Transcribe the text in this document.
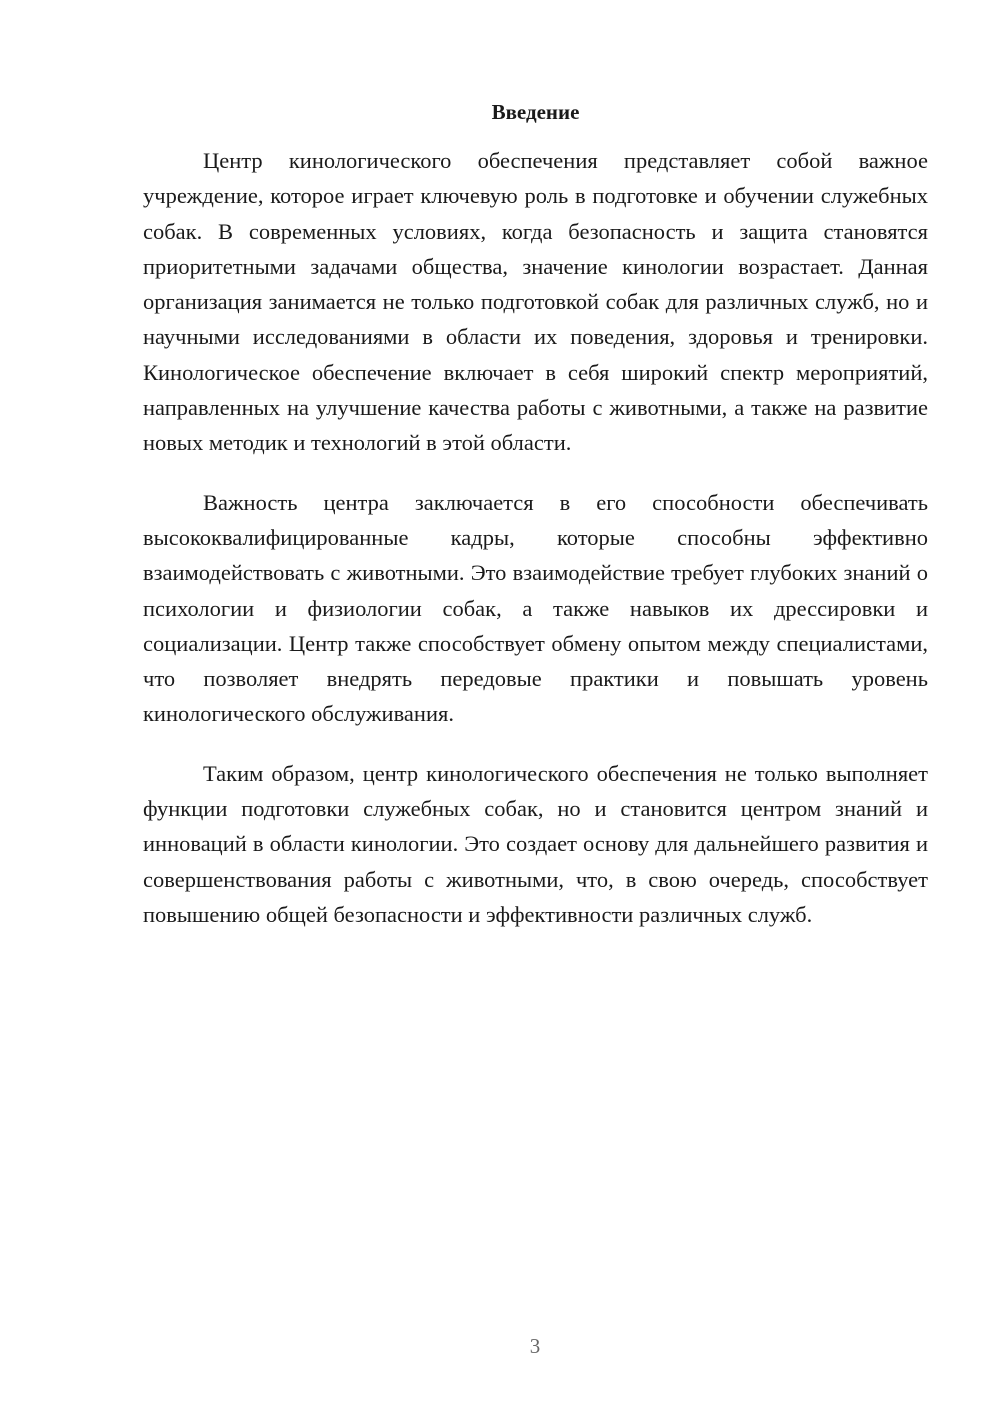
Введение

Центр кинологического обеспечения представляет собой важное учреждение, которое играет ключевую роль в подготовке и обучении служебных собак. В современных условиях, когда безопасность и защита становятся приоритетными задачами общества, значение кинологии возрастает. Данная организация занимается не только подготовкой собак для различных служб, но и научными исследованиями в области их поведения, здоровья и тренировки. Кинологическое обеспечение включает в себя широкий спектр мероприятий, направленных на улучшение качества работы с животными, а также на развитие новых методик и технологий в этой области.

Важность центра заключается в его способности обеспечивать высококвалифицированные кадры, которые способны эффективно взаимодействовать с животными. Это взаимодействие требует глубоких знаний о психологии и физиологии собак, а также навыков их дрессировки и социализации. Центр также способствует обмену опытом между специалистами, что позволяет внедрять передовые практики и повышать уровень кинологического обслуживания.

Таким образом, центр кинологического обеспечения не только выполняет функции подготовки служебных собак, но и становится центром знаний и инноваций в области кинологии. Это создает основу для дальнейшего развития и совершенствования работы с животными, что, в свою очередь, способствует повышению общей безопасности и эффективности различных служб.

3
